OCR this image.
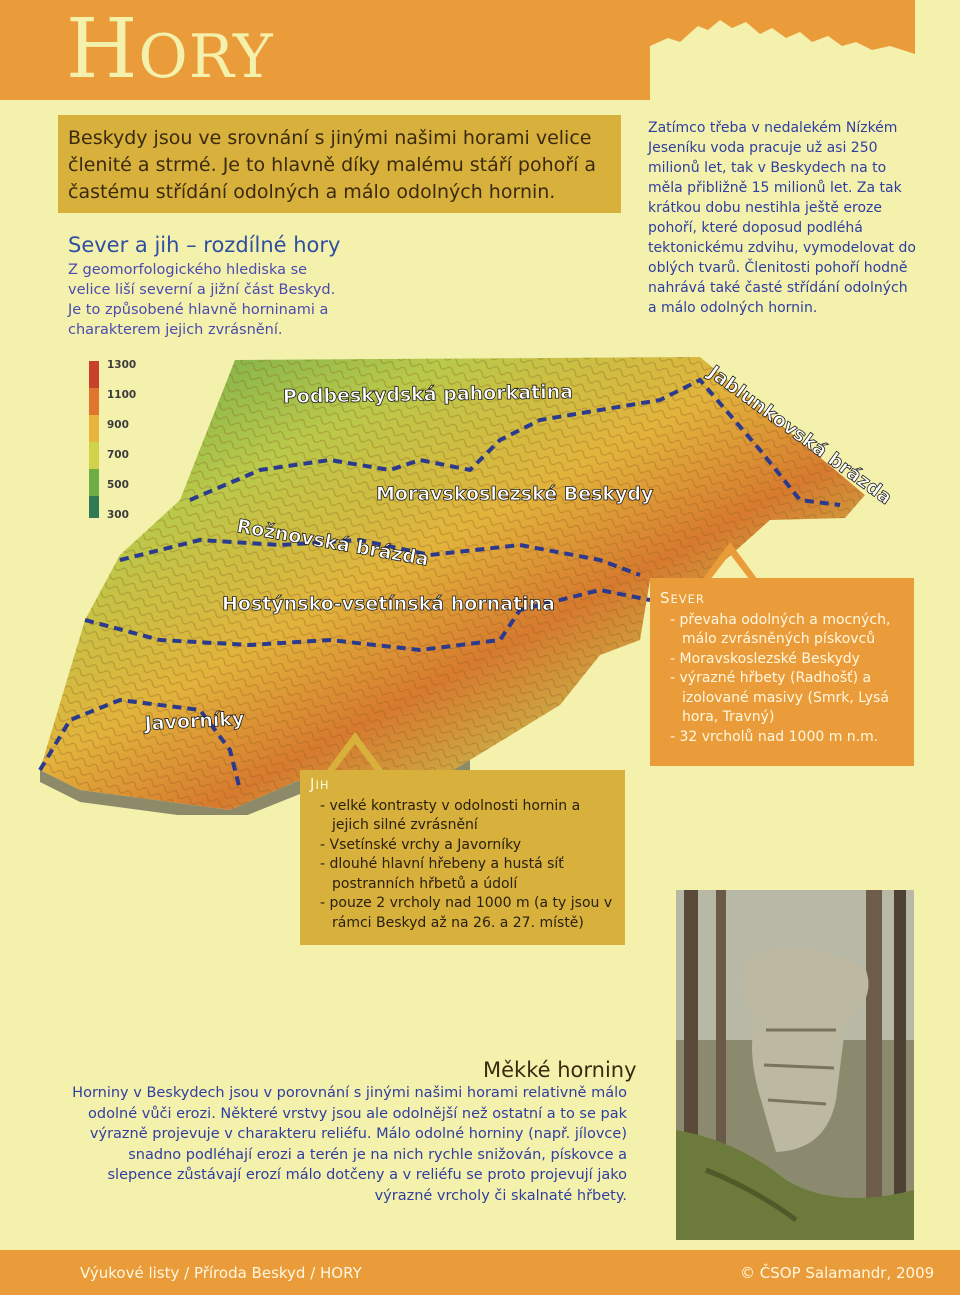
HORY
Beskydy jsou ve srovnání s jinými našimi horami velice členité a strmé. Je to hlavně díky malému stáří pohoří a častému střídání odolných a málo odolných hornin.
Sever a jih – rozdílné hory
Z geomorfologického hlediska se velice liší severní a jižní část Beskyd. Je to způsobené hlavně horninami a charakterem jejich zvrásnění.
Zatímco třeba v nedalekém Nízkém Jeseníku voda pracuje už asi 250 milionů let, tak v Beskydech na to měla přibližně 15 milionů let. Za tak krátkou dobu nestihla ještě eroze pohoří, které doposud podléhá tektonickému zdvihu, vymodelovat do oblých tvarů. Členitosti pohoří hodně nahrává také časté střídání odolných a málo odolných hornin.
Podbeskydská pahorkatina	Jablunkovská brázda
Moravskoslezské Beskydy
Rožnovská brázda
Hostýnsko-vsetínská hornatina
Javorníky
1300
1100
900
700
500
300
SEVER
- převaha odolných a mocných, málo zvrásněných pískovců
- Moravskoslezské Beskydy
- výrazné hřbety (Radhošť) a izolované masivy (Smrk, Lysá hora, Travný)
- 32 vrcholů nad 1000 m n.m.
JIH
- velké kontrasty v odolnosti hornin a jejich silné zvrásnění
- Vsetínské vrchy a Javorníky
- dlouhé hlavní hřebeny a hustá síť postranních hřbetů a údolí
- pouze 2 vrcholy nad 1000 m (a ty jsou v rámci Beskyd až na 26. a 27. místě)
Měkké horniny
Horniny v Beskydech jsou v porovnání s jinými našimi horami relativně málo odolné vůči erozi. Některé vrstvy jsou ale odolnější než ostatní a to se pak výrazně projevuje v charakteru reliéfu. Málo odolné horniny (např. jílovce) snadno podléhají erozi a terén je na nich rychle snižován, pískovce a slepence zůstávají erozí málo dotčeny a v reliéfu se proto projevují jako výrazné vrcholy či skalnaté hřbety.
Výukové listy / Příroda Beskyd / HORY	© ČSOP Salamandr, 2009
